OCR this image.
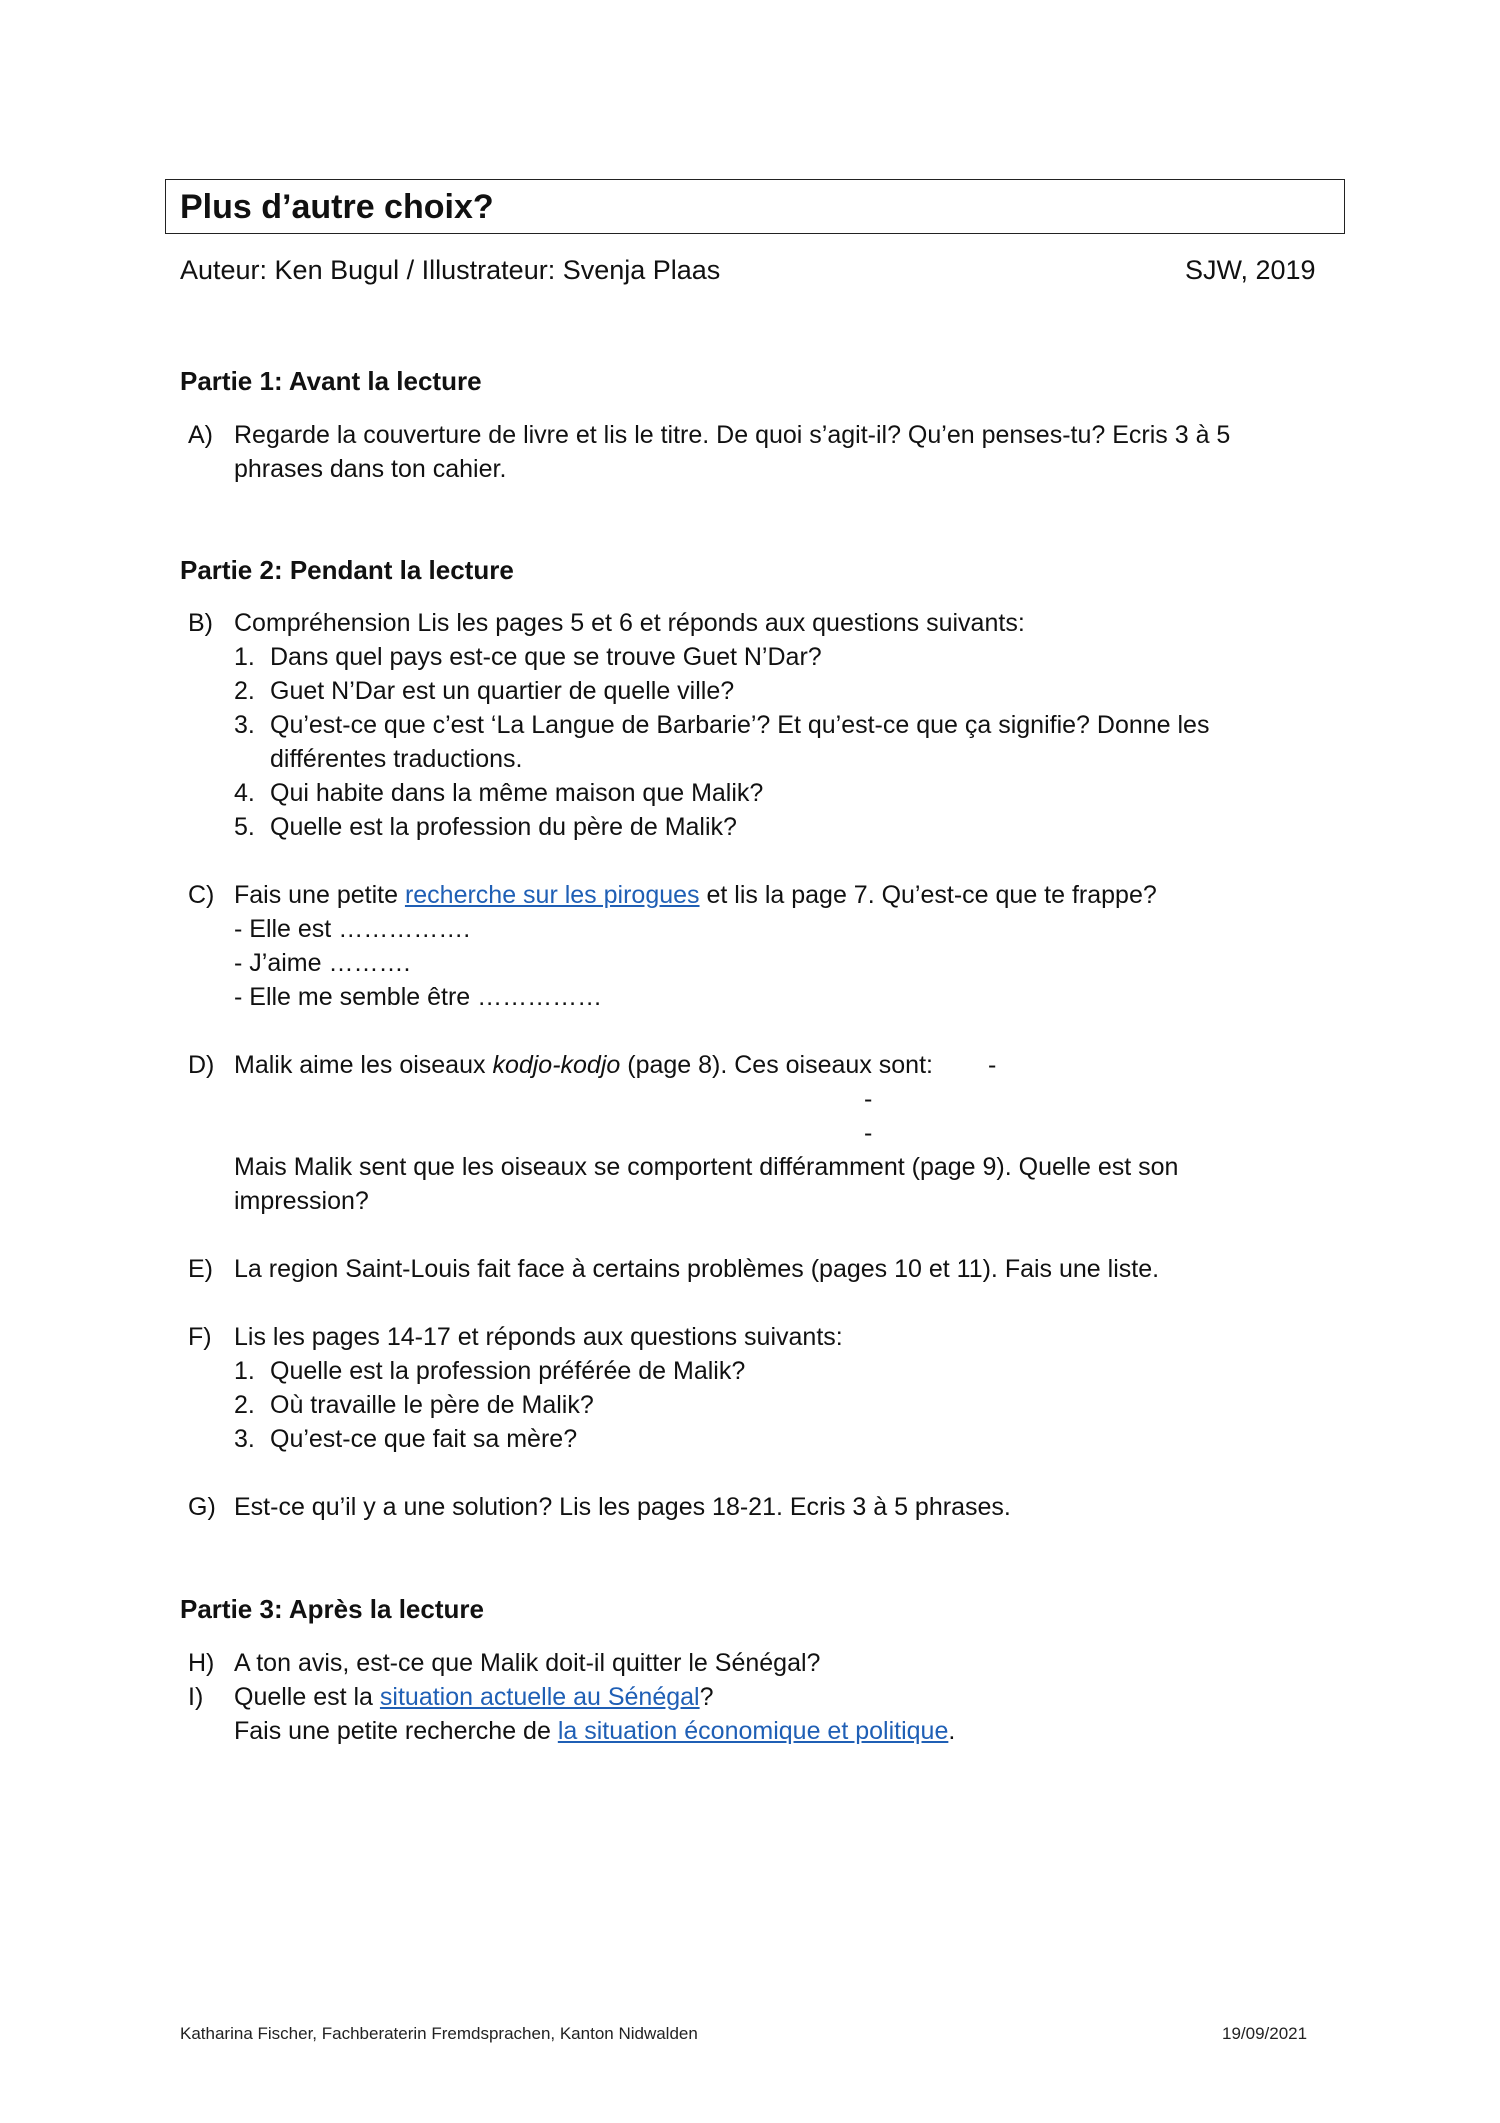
Plus d’autre choix?
Auteur: Ken Bugul / Illustrateur: Svenja Plaas	SJW, 2019
Partie 1: Avant la lecture
A) Regarde la couverture de livre et lis le titre. De quoi s’agit-il? Qu’en penses-tu? Ecris 3 à 5
phrases dans ton cahier.
Partie 2: Pendant la lecture
B) Compréhension Lis les pages 5 et 6 et réponds aux questions suivants:
1. Dans quel pays est-ce que se trouve Guet N’Dar?
2. Guet N’Dar est un quartier de quelle ville?
3. Qu’est-ce que c’est ‘La Langue de Barbarie’? Et qu’est-ce que ça signifie? Donne les
différentes traductions.
4. Qui habite dans la même maison que Malik?
5. Quelle est la profession du père de Malik?
C) Fais une petite recherche sur les pirogues et lis la page 7. Qu’est-ce que te frappe?
- Elle est …………….
- J’aime ……….
- Elle me semble être ……………
D) Malik aime les oiseaux kodjo-kodjo (page 8). Ces oiseaux sont: -
-
-
Mais Malik sent que les oiseaux se comportent différamment (page 9). Quelle est son
impression?
E) La region Saint-Louis fait face à certains problèmes (pages 10 et 11). Fais une liste.
F) Lis les pages 14-17 et réponds aux questions suivants:
1. Quelle est la profession préférée de Malik?
2. Où travaille le père de Malik?
3. Qu’est-ce que fait sa mère?
G) Est-ce qu’il y a une solution? Lis les pages 18-21. Ecris 3 à 5 phrases.
Partie 3: Après la lecture
H) A ton avis, est-ce que Malik doit-il quitter le Sénégal?
I) Quelle est la situation actuelle au Sénégal?
Fais une petite recherche de la situation économique et politique.
Katharina Fischer, Fachberaterin Fremdsprachen, Kanton Nidwalden	19/09/2021
